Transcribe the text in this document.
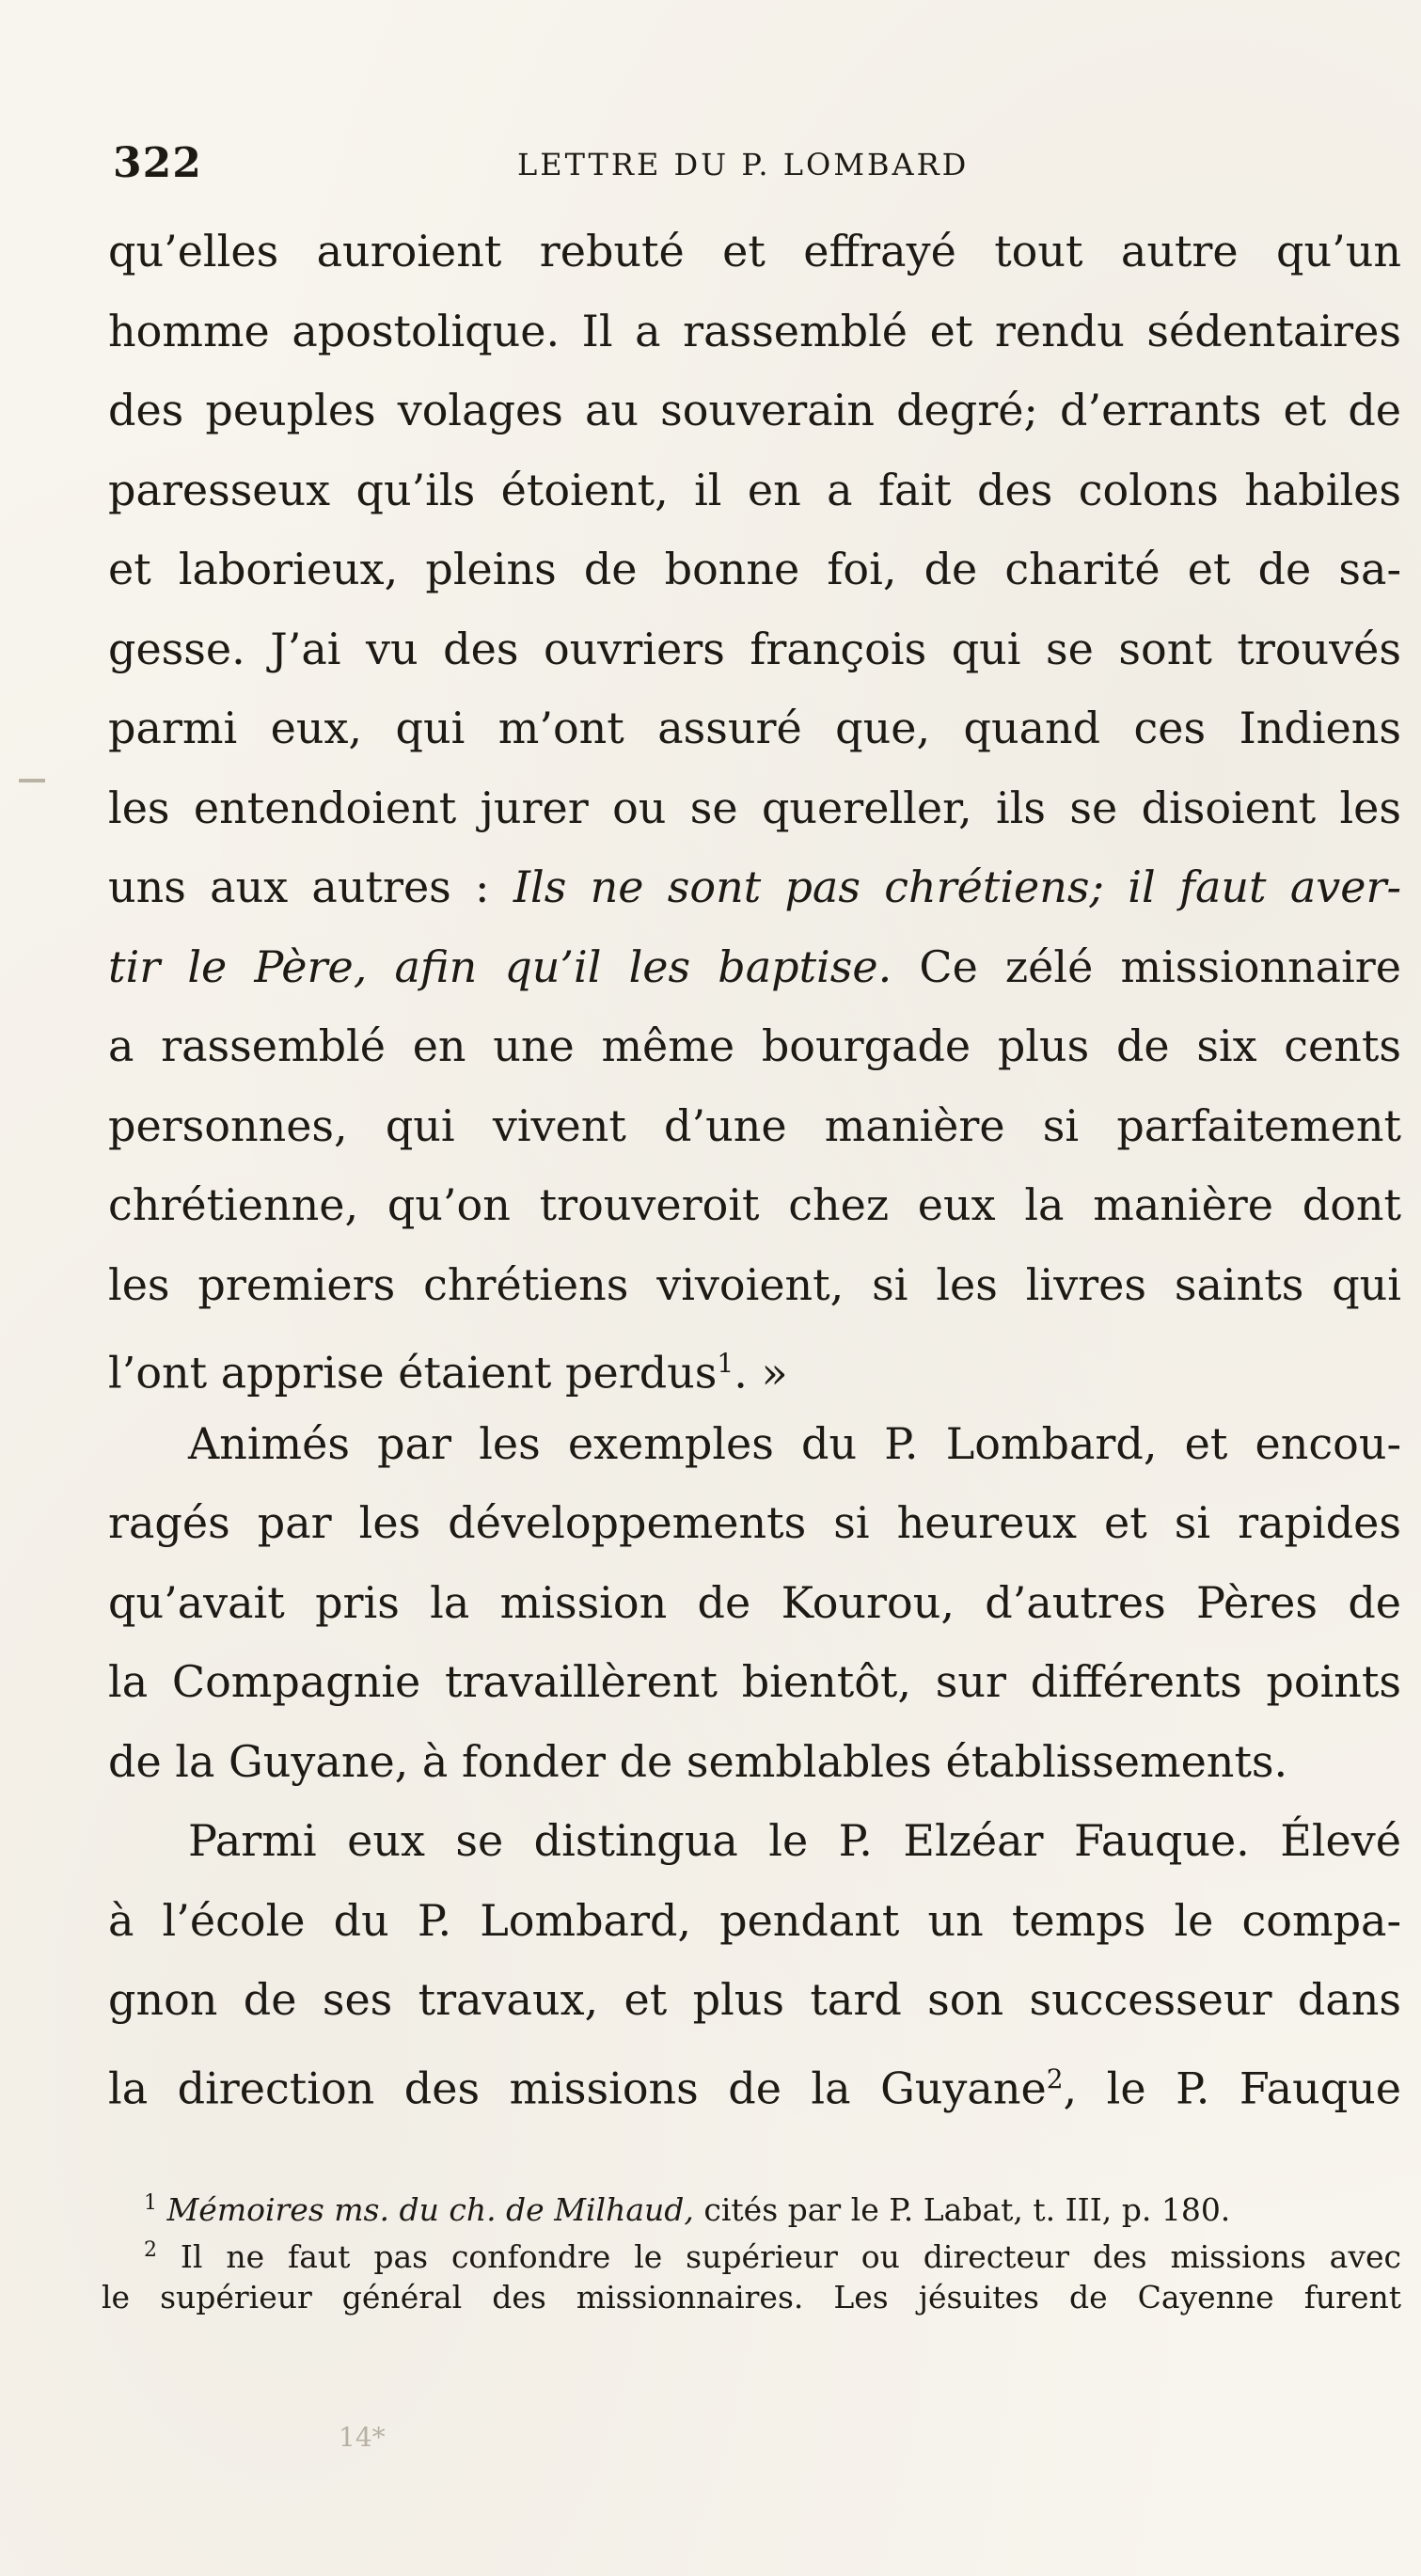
322	LETTRE DU P. LOMBARD
qu’elles auroient rebuté et effrayé tout autre qu’un
homme apostolique. Il a rassemblé et rendu sédentaires
des peuples volages au souverain degré; d’errants et de
paresseux qu’ils étoient, il en a fait des colons habiles
et laborieux, pleins de bonne foi, de charité et de sa-
gesse. J’ai vu des ouvriers françois qui se sont trouvés
parmi eux, qui m’ont assuré que, quand ces Indiens
les entendoient jurer ou se quereller, ils se disoient les
uns aux autres : Ils ne sont pas chrétiens; il faut aver-
tir le Père, afin qu’il les baptise. Ce zélé missionnaire
a rassemblé en une même bourgade plus de six cents
personnes, qui vivent d’une manière si parfaitement
chrétienne, qu’on trouveroit chez eux la manière dont
les premiers chrétiens vivoient, si les livres saints qui
l’ont apprise étaient perdus$^1$. »
Animés par les exemples du P. Lombard, et encou-
ragés par les développements si heureux et si rapides
qu’avait pris la mission de Kourou, d’autres Pères de
la Compagnie travaillèrent bientôt, sur différents points
de la Guyane, à fonder de semblables établissements.
Parmi eux se distingua le P. Elzéar Fauque. Élevé
à l’école du P. Lombard, pendant un temps le compa-
gnon de ses travaux, et plus tard son successeur dans
la direction des missions de la Guyane$^2$, le P. Fauque
$^1$ Mémoires ms. du ch. de Milhaud, cités par le P. Labat, t. III, p. 180.
$^2$ Il ne faut pas confondre le supérieur ou directeur des missions avec
le supérieur général des missionnaires. Les jésuites de Cayenne furent
14*
